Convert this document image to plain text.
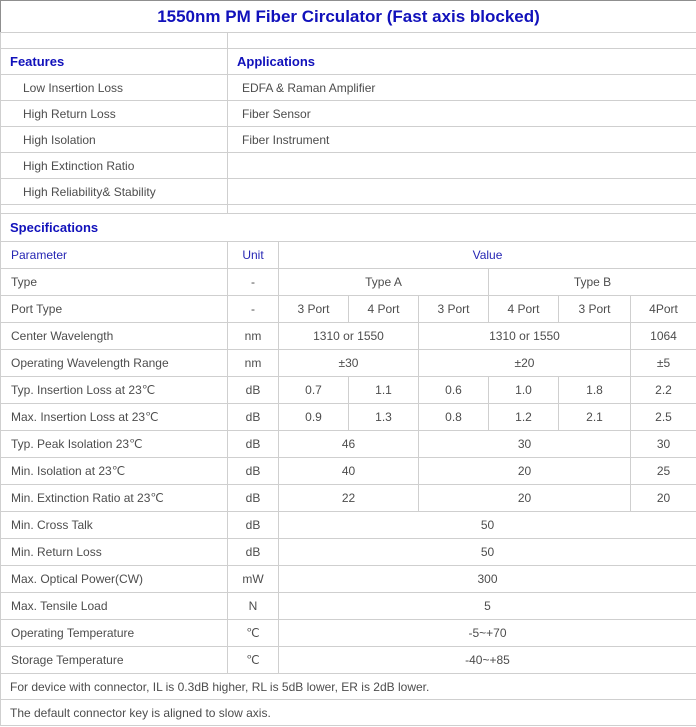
1550nm PM Fiber Circulator (Fast axis blocked)							

Features	Applications						
Low Insertion Loss	EDFA & Raman Amplifier						
High Return Loss	Fiber Sensor						
High Isolation	Fiber Instrument						
High Extinction Ratio							
High Reliability& Stability							

Specifications							
Parameter	Unit	Value					
Type	-	Type A			Type B		
Port Type	-	3 Port	4 Port	3 Port	4 Port	3 Port	4Port
Center Wavelength	nm	1310 or 1550		1310 or 1550			1064
Operating Wavelength Range	nm	±30		±20			±5
Typ. Insertion Loss at 23℃	dB	0.7	1.1	0.6	1.0	1.8	2.2
Max. Insertion Loss at 23℃	dB	0.9	1.3	0.8	1.2	2.1	2.5
Typ. Peak Isolation 23℃	dB	46		30			30
Min. Isolation at 23℃	dB	40		20			25
Min. Extinction Ratio at 23℃	dB	22		20			20
Min. Cross Talk	dB	50					
Min. Return Loss	dB	50					
Max. Optical Power(CW)	mW	300					
Max. Tensile Load	N	5					
Operating Temperature	℃	-5~+70					
Storage Temperature	℃	-40~+85					
For device with connector, IL is 0.3dB higher, RL is 5dB lower, ER is 2dB lower.							
The default connector key is aligned to slow axis.							
